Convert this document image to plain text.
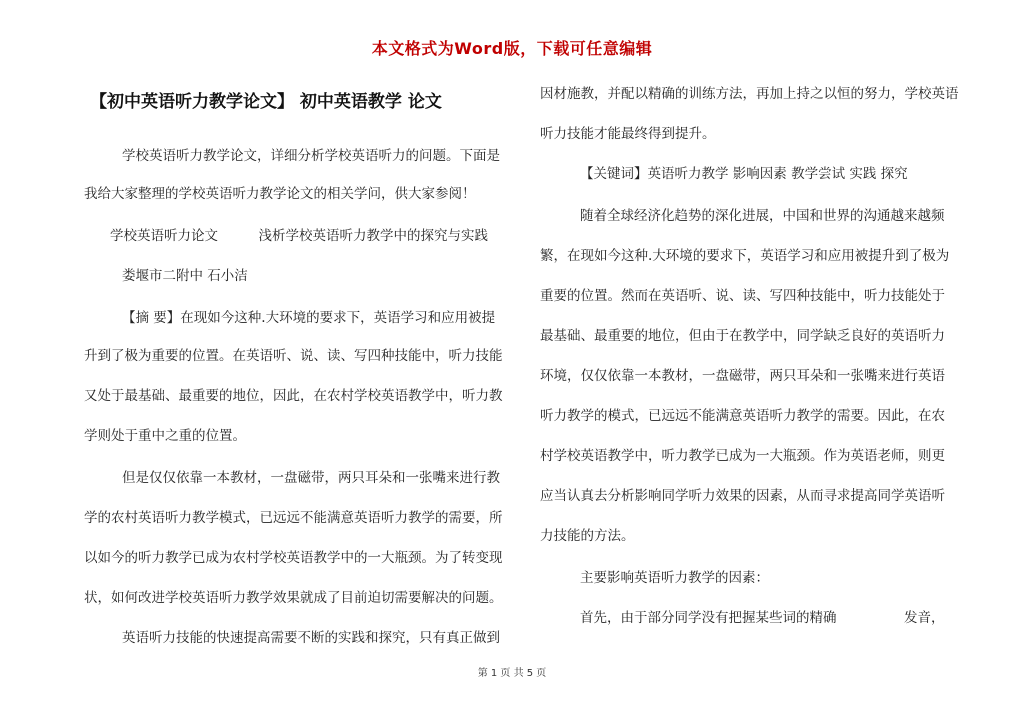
本文格式为Word版，下载可任意编辑
【初中英语听力教学论文】 初中英语教学 论文
学校英语听力教学论文，详细分析学校英语听力的问题。下面是
我给大家整理的学校英语听力教学论文的相关学问，供大家参阅！
学校英语听力论文　　　浅析学校英语听力教学中的探究与实践
娄堰市二附中 石小洁
【摘 要】在现如今这种.大环境的要求下，英语学习和应用被提
升到了极为重要的位置。在英语听、说、读、写四种技能中，听力技能
又处于最基础、最重要的地位，因此，在农村学校英语教学中，听力教
学则处于重中之重的位置。
但是仅仅依靠一本教材，一盘磁带，两只耳朵和一张嘴来进行教
学的农村英语听力教学模式，已远远不能满意英语听力教学的需要，所
以如今的听力教学已成为农村学校英语教学中的一大瓶颈。为了转变现
状，如何改进学校英语听力教学效果就成了目前迫切需要解决的问题。
英语听力技能的快速提高需要不断的实践和探究，只有真正做到
因材施教，并配以精确的训练方法，再加上持之以恒的努力，学校英语
听力技能才能最终得到提升。
【关键词】英语听力教学 影响因素 教学尝试 实践 探究
随着全球经济化趋势的深化进展，中国和世界的沟通越来越频
繁，在现如今这种.大环境的要求下，英语学习和应用被提升到了极为
重要的位置。然而在英语听、说、读、写四种技能中，听力技能处于
最基础、最重要的地位，但由于在教学中，同学缺乏良好的英语听力
环境，仅仅依靠一本教材，一盘磁带，两只耳朵和一张嘴来进行英语
听力教学的模式，已远远不能满意英语听力教学的需要。因此，在农
村学校英语教学中，听力教学已成为一大瓶颈。作为英语老师，则更
应当认真去分析影响同学听力效果的因素，从而寻求提高同学英语听
力技能的方法。
主要影响英语听力教学的因素：
首先，由于部分同学没有把握某些词的精确　　　　　发音，
第 1 页 共 5 页
